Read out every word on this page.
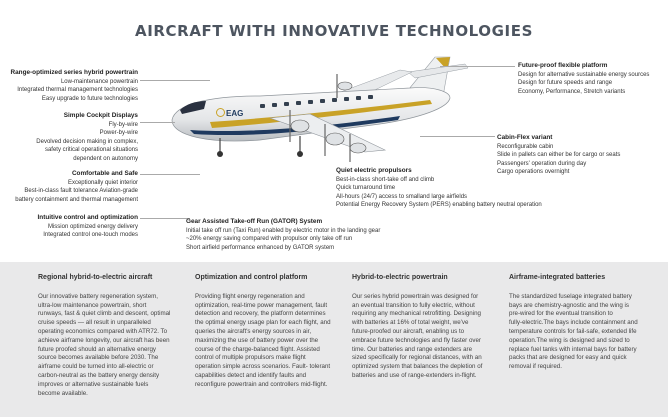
AIRCRAFT WITH INNOVATIVE TECHNOLOGIES
EAG
Range-optimized series hybrid powertrain
Low-maintenance powertrain
Integrated thermal management technologies
Easy upgrade to future technologies
Simple Cockpit Displays
Fly-by-wire
Power-by-wire
Devolved decision making in complex,
safety critical operational situations
dependent on autonomy
Comfortable and Safe
Exceptionally quiet interior
Best-in-class fault tolerance Aviation-grade
battery containment and thermal management
Intuitive control and optimization
Mission optimized energy delivery
Integrated control one-touch modes
Gear Assisted Take-off Run (GATOR) System
Initial take off run (Taxi Run) enabled by electric motor in the landing gear
~20% energy saving compared with propulsor only take off run
Short airfield performance enhanced by GATOR system
Quiet electric propulsors
Best-in-class short-take off and climb
Quick turnaround time
All-hours (24/7) access to smalland large airfields
Potential Energy Recovery System (PERS) enabling battery neutral operation
Future-proof flexible platform
Design for alternative sustainable energy sources
Design for future speeds and range
Economy, Performance, Stretch variants
Cabin-Flex variant
Reconfigurable cabin
Slide in pallets can either be for cargo or seats
Passengers' operation during day
Cargo operations overnight
Regional hybrid-to-electric aircraft
Our innovative battery regeneration system,
ultra-low maintenance powertrain, short
runways, fast & quiet climb and descent, optimal
cruise speeds — all result in unparalleled
operating economics compared with ATR72. To
achieve airframe longevity, our aircraft has been
future proofed should an alternative energy
source becomes available before 2030. The
airframe could be turned into all-electric or
carbon-neutral as the battery energy density
improves or alternative sustainable fuels
become available.
Optimization and control platform
Providing flight energy regeneration and
optimization, real-time power management, fault
detection and recovery, the platform determines
the optimal energy usage plan for each flight, and
queries the aircraft's energy sources in air,
maximizing the use of battery power over the
course of the charge-balanced flight. Assisted
control of multiple propulsors make flight
operation simple across scenarios. Fault- tolerant
capabilities detect and identify faults and
reconfigure powertrain and controllers mid-flight.
Hybrid-to-electric powertrain
Our series hybrid powertrain was designed for
an eventual transition to fully electric, without
requiring any mechanical retrofitting. Designing
with batteries at 16% of total weight, we've
future-proofed our aircraft, enabling us to
embrace future technologies and fly faster over
time. Our batteries and range extenders are
sized specifically for regional distances, with an
optimized system that balances the depletion of
batteries and use of range-extenders in-flight.
Airframe-integrated batteries
The standardized fuselage integrated battery
bays are chemistry-agnostic and the wing is
pre-wired for the eventual transition to
fully-electric.The bays include containment and
temperature controls for fail-safe, extended life
operation.The wing is designed and sized to
replace fuel tanks with internal bays for battery
packs that are designed for easy and quick
removal if required.
